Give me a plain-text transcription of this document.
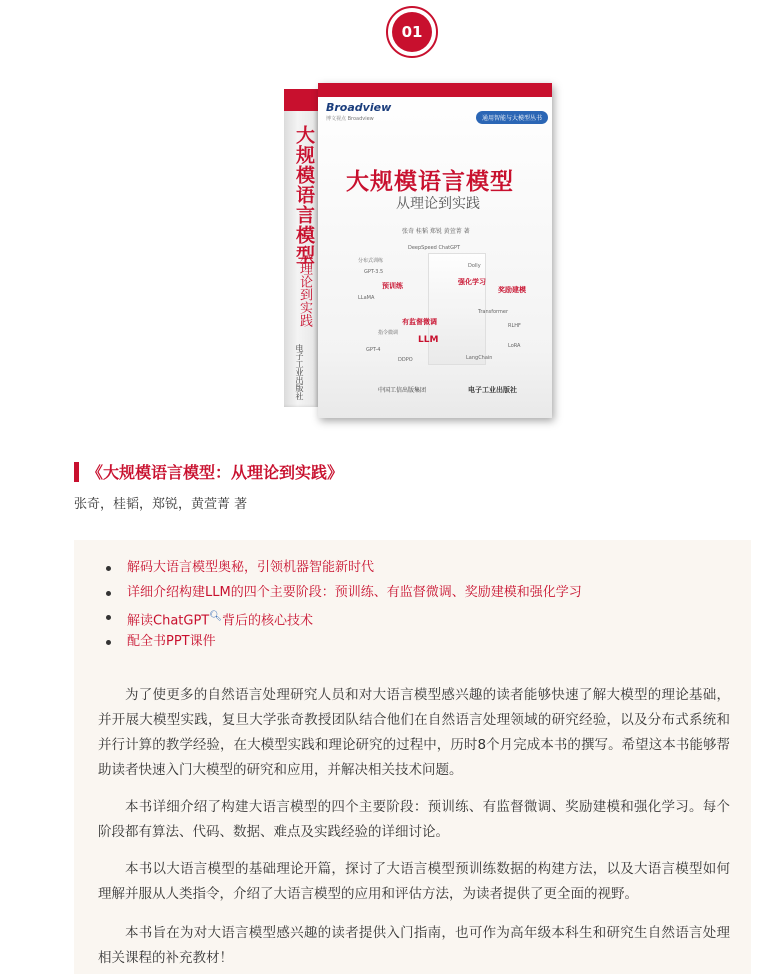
01
大规模语言模型
从理论到实践
电子工业出版社
Broadview
博文视点 Broadview	通用智能与大模型丛书
大规模语言模型
从理论到实践
张奇 桂韬 郑锐 黄萱菁 著
DeepSpeed ChatGPT
分布式训练
GPT-3.5
预训练	强化学习
奖励建模
LLaMA
有监督微调
LLM
Transformer
RLHF
LangChain
GPT-4
DDPO
Dolly
指令微调
LoRA
中国工信出版集团	电子工业出版社
《大规模语言模型：从理论到实践》
张奇，桂韬，郑锐，黄萱菁 著
解码大语言模型奥秘，引领机器智能新时代
详细介绍构建LLM的四个主要阶段：预训练、有监督微调、奖励建模和强化学习
解读ChatGPT🔍︎背后的核心技术
配全书PPT课件

为了使更多的自然语言处理研究人员和对大语言模型感兴趣的读者能够快速了解大模型的理论基础，并开展大模型实践，复旦大学张奇教授团队结合他们在自然语言处理领域的研究经验，以及分布式系统和并行计算的教学经验，在大模型实践和理论研究的过程中，历时8个月完成本书的撰写。希望这本书能够帮助读者快速入门大模型的研究和应用，并解决相关技术问题。

本书详细介绍了构建大语言模型的四个主要阶段：预训练、有监督微调、奖励建模和强化学习。每个阶段都有算法、代码、数据、难点及实践经验的详细讨论。

本书以大语言模型的基础理论开篇，探讨了大语言模型预训练数据的构建方法，以及大语言模型如何理解并服从人类指令，介绍了大语言模型的应用和评估方法，为读者提供了更全面的视野。

本书旨在为对大语言模型感兴趣的读者提供入门指南，也可作为高年级本科生和研究生自然语言处理相关课程的补充教材！
